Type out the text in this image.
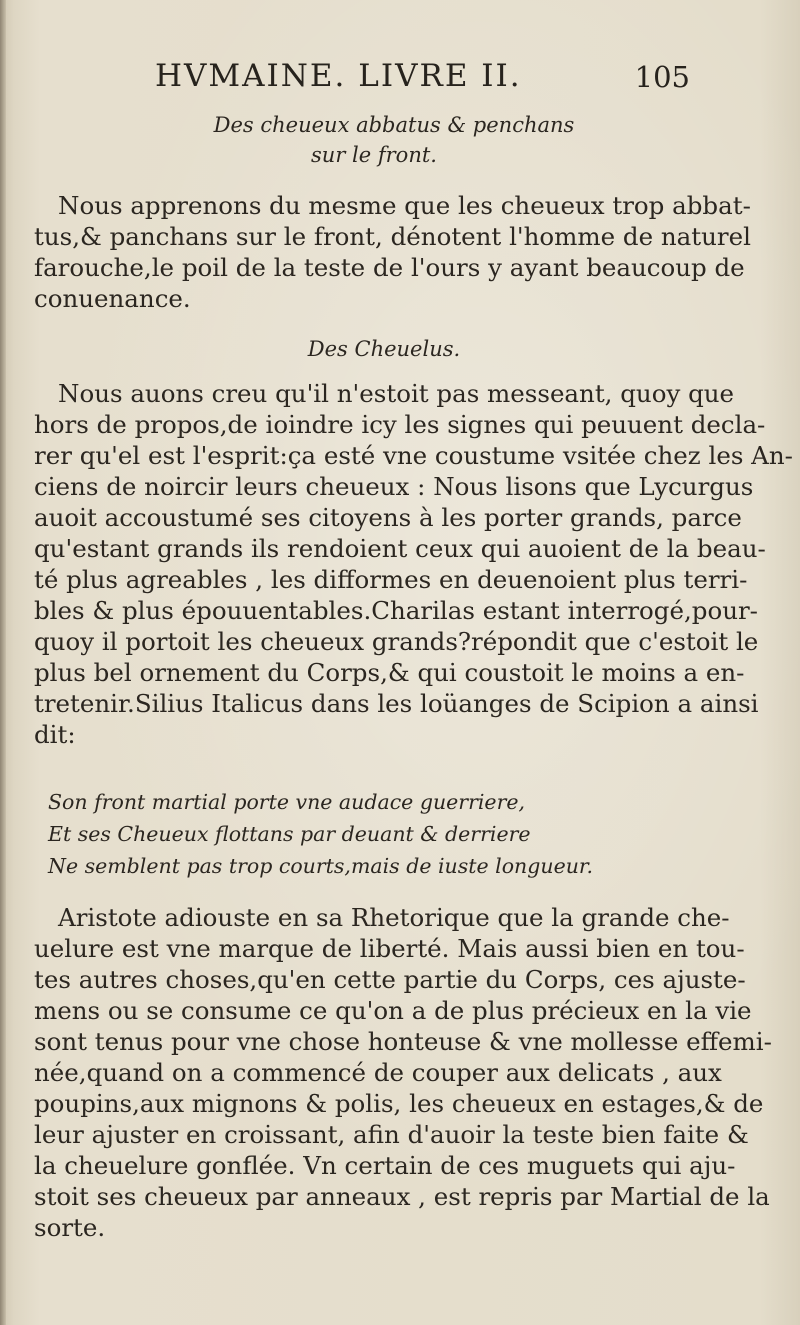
HVMAINE. LIVRE II.	105

Des cheueux abbatus & penchans

sur le front.

Nous apprenons du mesme que les cheueux trop abbat-
tus,& panchans sur le front, dénotent l'homme de naturel
farouche,le poil de la teste de l'ours y ayant beaucoup de
conuenance.

Des Cheuelus.

Nous auons creu qu'il n'estoit pas messeant, quoy que
hors de propos,de ioindre icy les signes qui peuuent decla-
rer qu'el est l'esprit:ça esté vne coustume vsitée chez les An-
ciens de noircir leurs cheueux : Nous lisons que Lycurgus
auoit accoustumé ses citoyens à les porter grands, parce
qu'estant grands ils rendoient ceux qui auoient de la beau-
té plus agreables , les difformes en deuenoient plus terri-
bles & plus épouuentables.Charilas estant interrogé,pour-
quoy il portoit les cheueux grands?répondit que c'estoit le
plus bel ornement du Corps,& qui coustoit le moins a en-
tretenir.Silius Italicus dans les loüanges de Scipion a ainsi
dit:

Son front martial porte vne audace guerriere,

Et ses Cheueux flottans par deuant & derriere

Ne semblent pas trop courts,mais de iuste longueur.

Aristote adiouste en sa Rhetorique que la grande che-
uelure est vne marque de liberté. Mais aussi bien en tou-
tes autres choses,qu'en cette partie du Corps, ces ajuste-
mens ou se consume ce qu'on a de plus précieux en la vie
sont tenus pour vne chose honteuse & vne mollesse effemi-
née,quand on a commencé de couper aux delicats , aux
poupins,aux mignons & polis, les cheueux en estages,& de
leur ajuster en croissant, afin d'auoir la teste bien faite &
la cheuelure gonflée. Vn certain de ces muguets qui aju-
stoit ses cheueux par anneaux , est repris par Martial de la
sorte.
